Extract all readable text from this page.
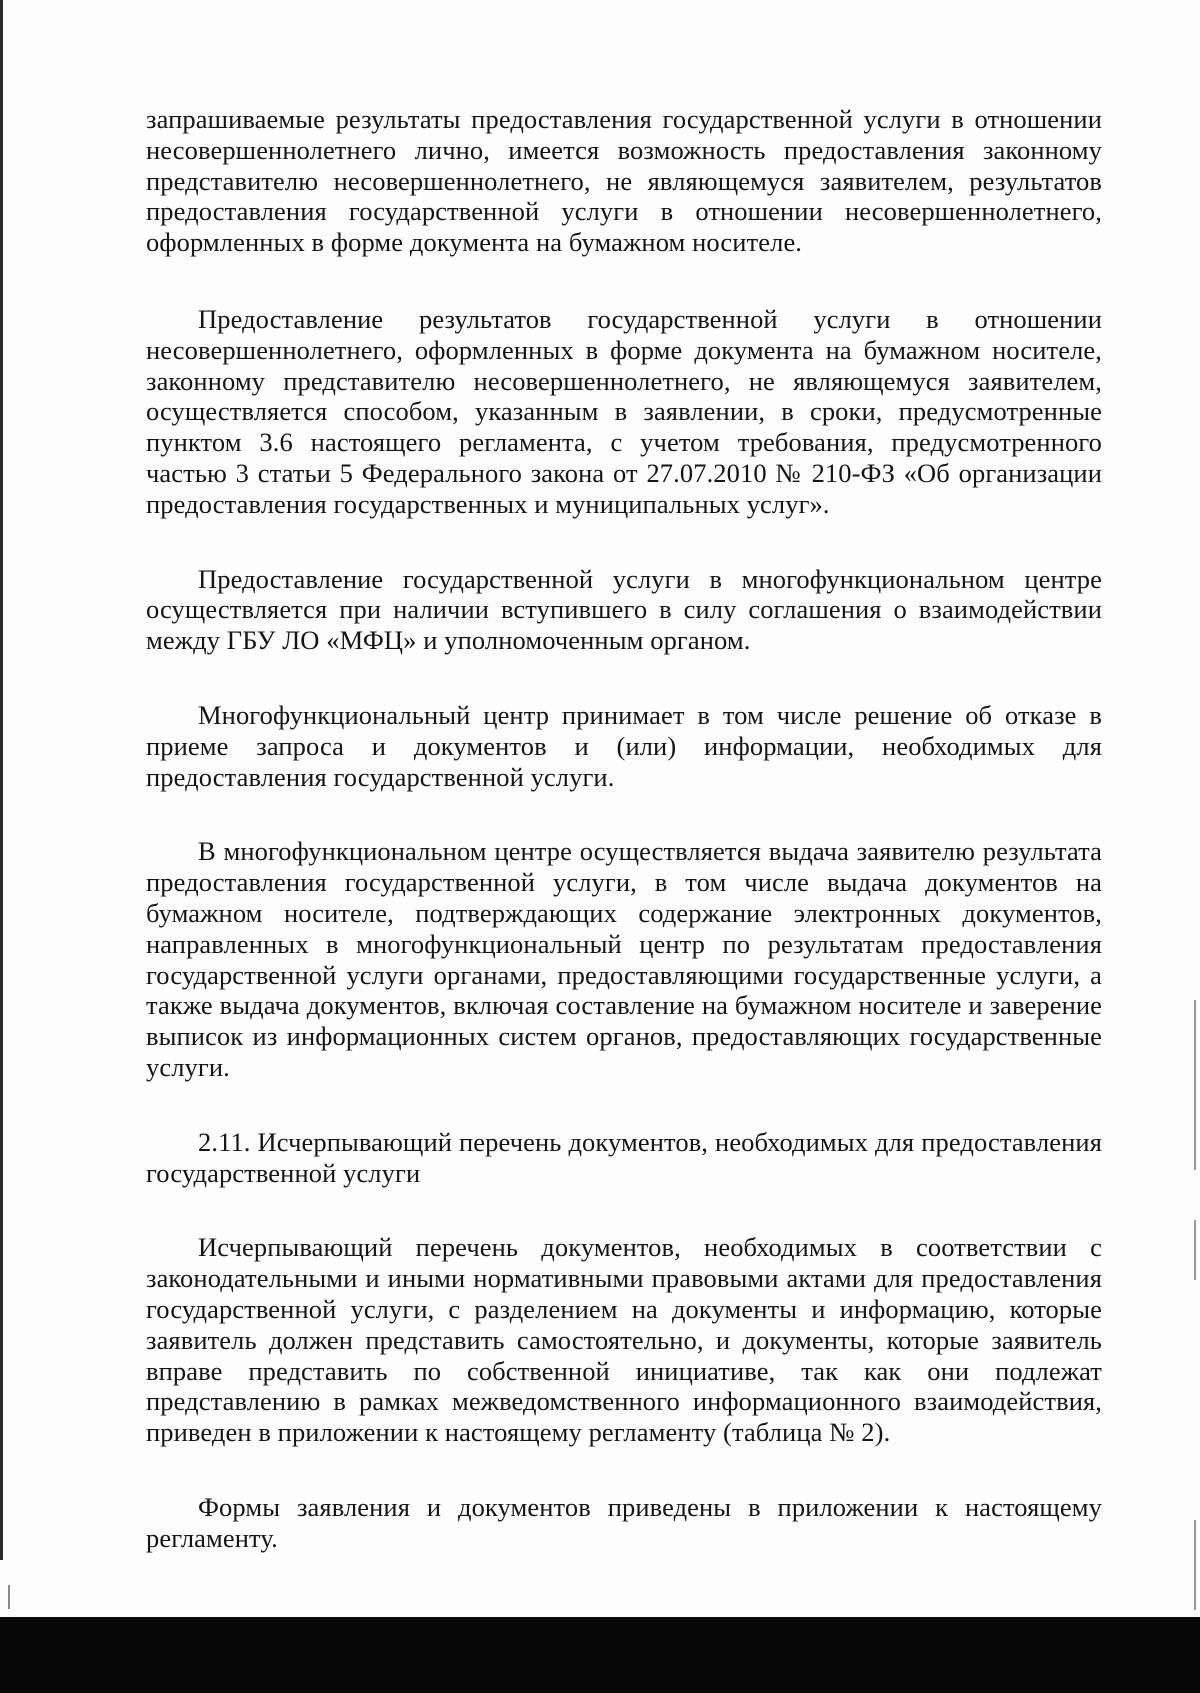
запрашиваемые результаты предоставления государственной услуги в отношении несовершеннолетнего лично, имеется возможность предоставления законному представителю несовершеннолетнего, не являющемуся заявителем, результатов предоставления государственной услуги в отношении несовершеннолетнего, оформленных в форме документа на бумажном носителе.

Предоставление результатов государственной услуги в отношении несовершеннолетнего, оформленных в форме документа на бумажном носителе, законному представителю несовершеннолетнего, не являющемуся заявителем, осуществляется способом, указанным в заявлении, в сроки, предусмотренные пунктом 3.6 настоящего регламента, с учетом требования, предусмотренного частью 3 статьи 5 Федерального закона от 27.07.2010 № 210-ФЗ «Об организации предоставления государственных и муниципальных услуг».

Предоставление государственной услуги в многофункциональном центре осуществляется при наличии вступившего в силу соглашения о взаимодействии между ГБУ ЛО «МФЦ» и уполномоченным органом.

Многофункциональный центр принимает в том числе решение об отказе в приеме запроса и документов и (или) информации, необходимых для предоставления государственной услуги.

В многофункциональном центре осуществляется выдача заявителю результата предоставления государственной услуги, в том числе выдача документов на бумажном носителе, подтверждающих содержание электронных документов, направленных в многофункциональный центр по результатам предоставления государственной услуги органами, предоставляющими государственные услуги, а также выдача документов, включая составление на бумажном носителе и заверение выписок из информационных систем органов, предоставляющих государственные услуги.

2.11. Исчерпывающий перечень документов, необходимых для предоставления государственной услуги

Исчерпывающий перечень документов, необходимых в соответствии с законодательными и иными нормативными правовыми актами для предоставления государственной услуги, с разделением на документы и информацию, которые заявитель должен представить самостоятельно, и документы, которые заявитель вправе представить по собственной инициативе, так как они подлежат представлению в рамках межведомственного информационного взаимодействия, приведен в приложении к настоящему регламенту (таблица № 2).

Формы заявления и документов приведены в приложении к настоящему регламенту.
